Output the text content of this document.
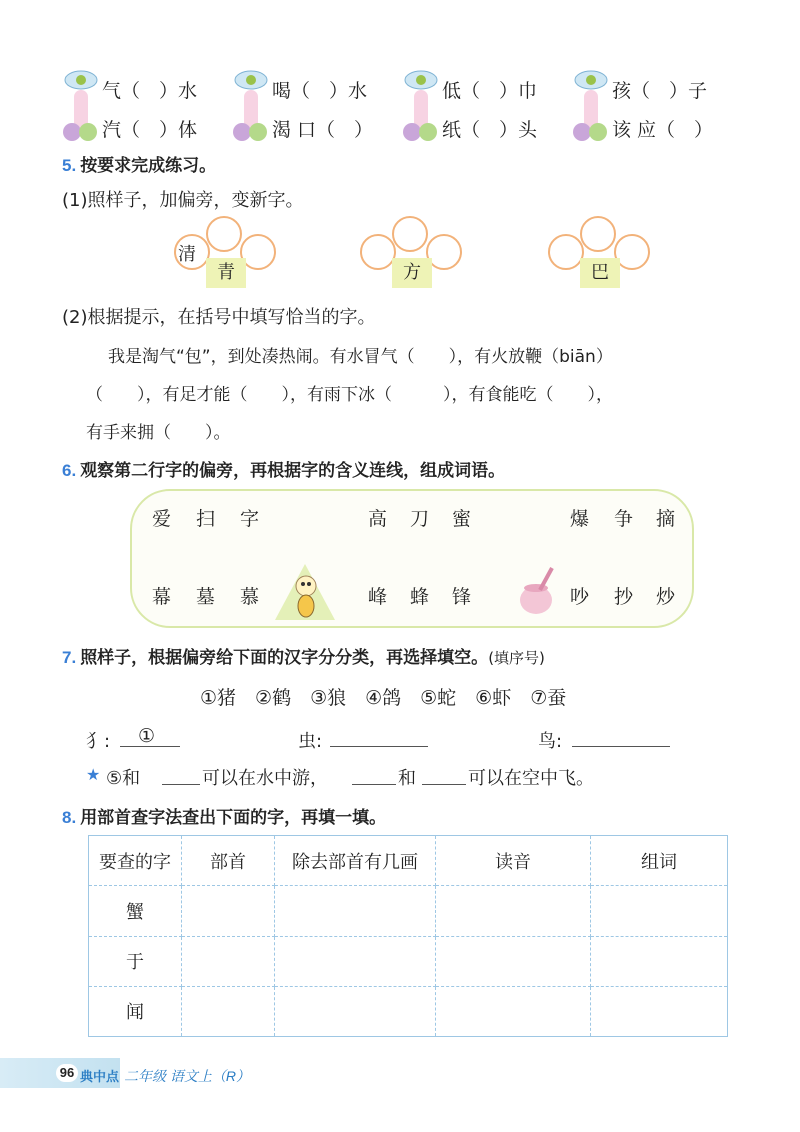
气（　）水	喝（　）水	低（　）巾	孩（　）子
汽（　）体	渴 口（　）	纸（　）头	该 应（　）
5. 按要求完成练习。
(1)照样子，加偏旁，变新字。
清
青	方	巴
(2)根据提示，在括号中填写恰当的字。
我是淘气“包”，到处凑热闹。有水冒气（　　），有火放鞭（biān）
（　　），有足才能（　　），有雨下冰（　　　），有食能吃（　　），
有手来拥（　　）。
6. 观察第二行字的偏旁，再根据字的含义连线，组成词语。
爱 扫 字	高 刀 蜜	爆 争 摘
幕 墓 慕	峰 蜂 锋	吵 抄 炒
7. 照样子，根据偏旁给下面的汉字分分类，再选择填空。(填序号)
①猪　②鹤　③狼　④鸽　⑤蛇　⑥虾　⑦蚕
犭: ①	虫:	鸟:
★ ⑤和	可以在水中游，	和	可以在空中飞。
8. 用部首查字法查出下面的字，再填一填。
要查的字	部首	除去部首有几画	读音	组词
蟹				
于				
闻				
96 典中点 二年级 语文上（R）
